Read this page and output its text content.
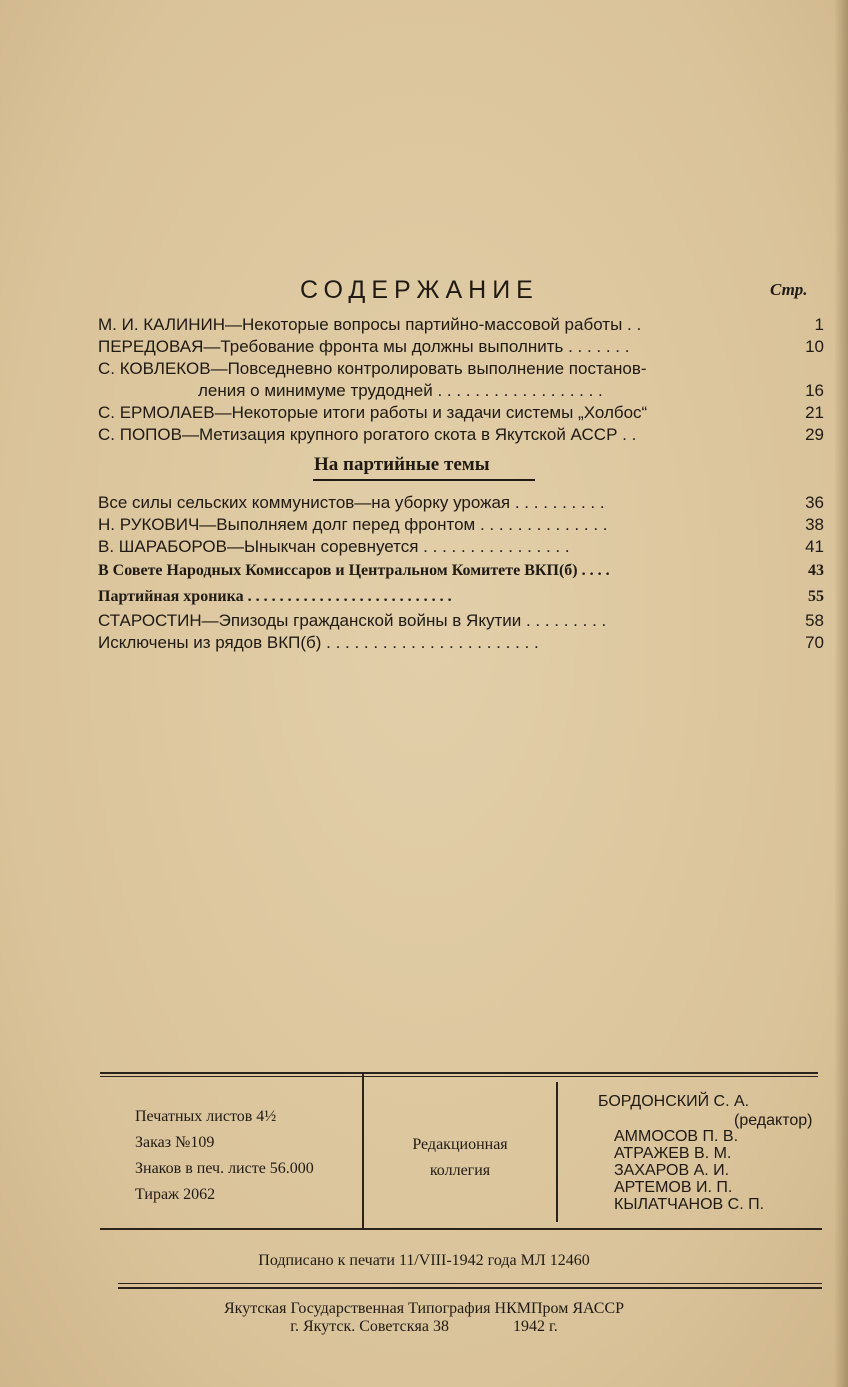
СОДЕРЖАНИЕ	Стр.
М. И. КАЛИНИН—Некоторые вопросы партийно-массовой работы . .	1
ПЕРЕДОВАЯ—Требование фронта мы должны выполнить . . . . . . .	10
С. КОВЛЕКОВ—Повседневно контролировать выполнение постанов-
ления о минимуме трудодней . . . . . . . . . . . . . . . . . .	16
С. ЕРМОЛАЕВ—Некоторые итоги работы и задачи системы „Холбос“	21
С. ПОПОВ—Метизация крупного рогатого скота в Якутской АССР . .	29
На партийные темы
Все силы сельских коммунистов—на уборку урожая . . . . . . . . . .	36
Н. РУКОВИЧ—Выполняем долг перед фронтом . . . . . . . . . . . . . .	38
В. ШАРАБОРОВ—Ыныкчан соревнуется . . . . . . . . . . . . . . . .	41
В Совете Народных Комиссаров и Центральном Комитете ВКП(б) . . . .	43
Партийная хроника . . . . . . . . . . . . . . . . . . . . . . . . . .	55
СТАРОСТИН—Эпизоды гражданской войны в Якутии . . . . . . . . .	58
Исключены из рядов ВКП(б) . . . . . . . . . . . . . . . . . . . . . . .	70
Печатных листов 4½
Заказ №109
Знаков в печ. листе 56.000
Тираж 2062
Редакционная
коллегия
БОРДОНСКИЙ С. А.
(редактор)
АММОСОВ П. В.
АТРАЖЕВ В. М.
ЗАХАРОВ А. И.
АРТЕМОВ И. П.
КЫЛАТЧАНОВ С. П.
Подписано к печати 11/VIII-1942 года МЛ 12460
Якутская Государственная Типография НКМПром ЯАССР
г. Якутск. Советскяа 38                1942 г.
